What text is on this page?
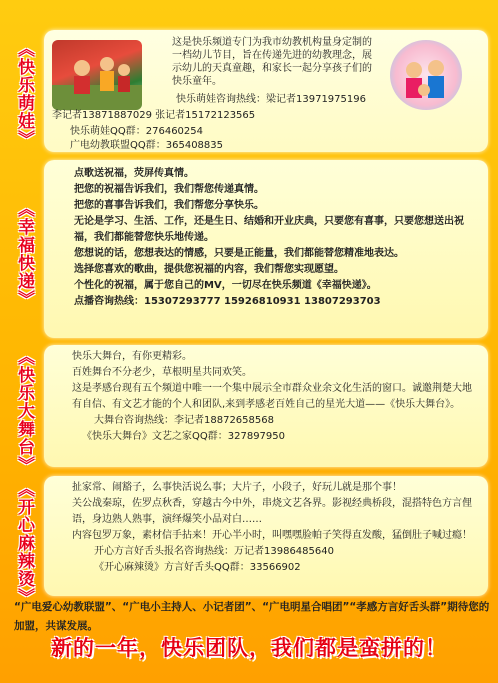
《快乐萌娃》	这是快乐频道专门为我市幼教机构量身定制的一档幼儿节目，旨在传递先进的幼教理念，展示幼儿的天真童趣，和家长一起分享孩子们的快乐童年。
快乐萌娃咨询热线：梁记者13971975196
李记者13871887029 张记者15172123565
快乐萌娃QQ群：276460254
广电幼教联盟QQ群：365408835
《幸福快递》
点歌送祝福，荧屏传真情。
把您的祝福告诉我们，我们帮您传递真情。
把您的喜事告诉我们，我们帮您分享快乐。
无论是学习、生活、工作，还是生日、结婚和开业庆典，只要您有喜事，只要您想送出祝福，我们都能替您快乐地传递。
您想说的话，您想表达的情感，只要是正能量，我们都能替您精准地表达。
选择您喜欢的歌曲，提供您祝福的内容，我们帮您实现愿望。
个性化的祝福，属于您自己的MV，一切尽在快乐频道《幸福快递》。
点播咨询热线：15307293777 15926810931 13807293703
《快乐大舞台》	快乐大舞台，有你更精彩。
百姓舞台不分老少，草根明星共同欢笑。
这是孝感台现有五个频道中唯一一个集中展示全市群众业余文化生活的窗口。诚邀荆楚大地有自信、有文艺才能的个人和团队,来到孝感老百姓自己的星光大道——《快乐大舞台》。
大舞台咨询热线：李记者18872658568
《快乐大舞台》文艺之家QQ群：327897950
《开心麻辣烫》	扯家常、闹豁子，么事快活说么事；大片子，小段子，好玩儿就是那个事！
关公战秦琼，佐罗点秋香，穿越古今中外，串烧文艺各界。影视经典桥段，混搭特色方言俚语，身边熟人熟事，演绎爆笑小品对白……
内容包罗万象，素材信手拈来！开心半小时，叫嘿嘿脸帕子笑得直发酸，猛倒肚子喊过瘾！
开心方言好舌头报名咨询热线：万记者13986485640
《开心麻辣烫》方言好舌头QQ群：33566902
“广电爱心幼教联盟”、“广电小主持人、小记者团”、“广电明星合唱团”“孝感方言好舌头群”期待您的加盟，共谋发展。
新的一年，快乐团队，我们都是蛮拼的！
